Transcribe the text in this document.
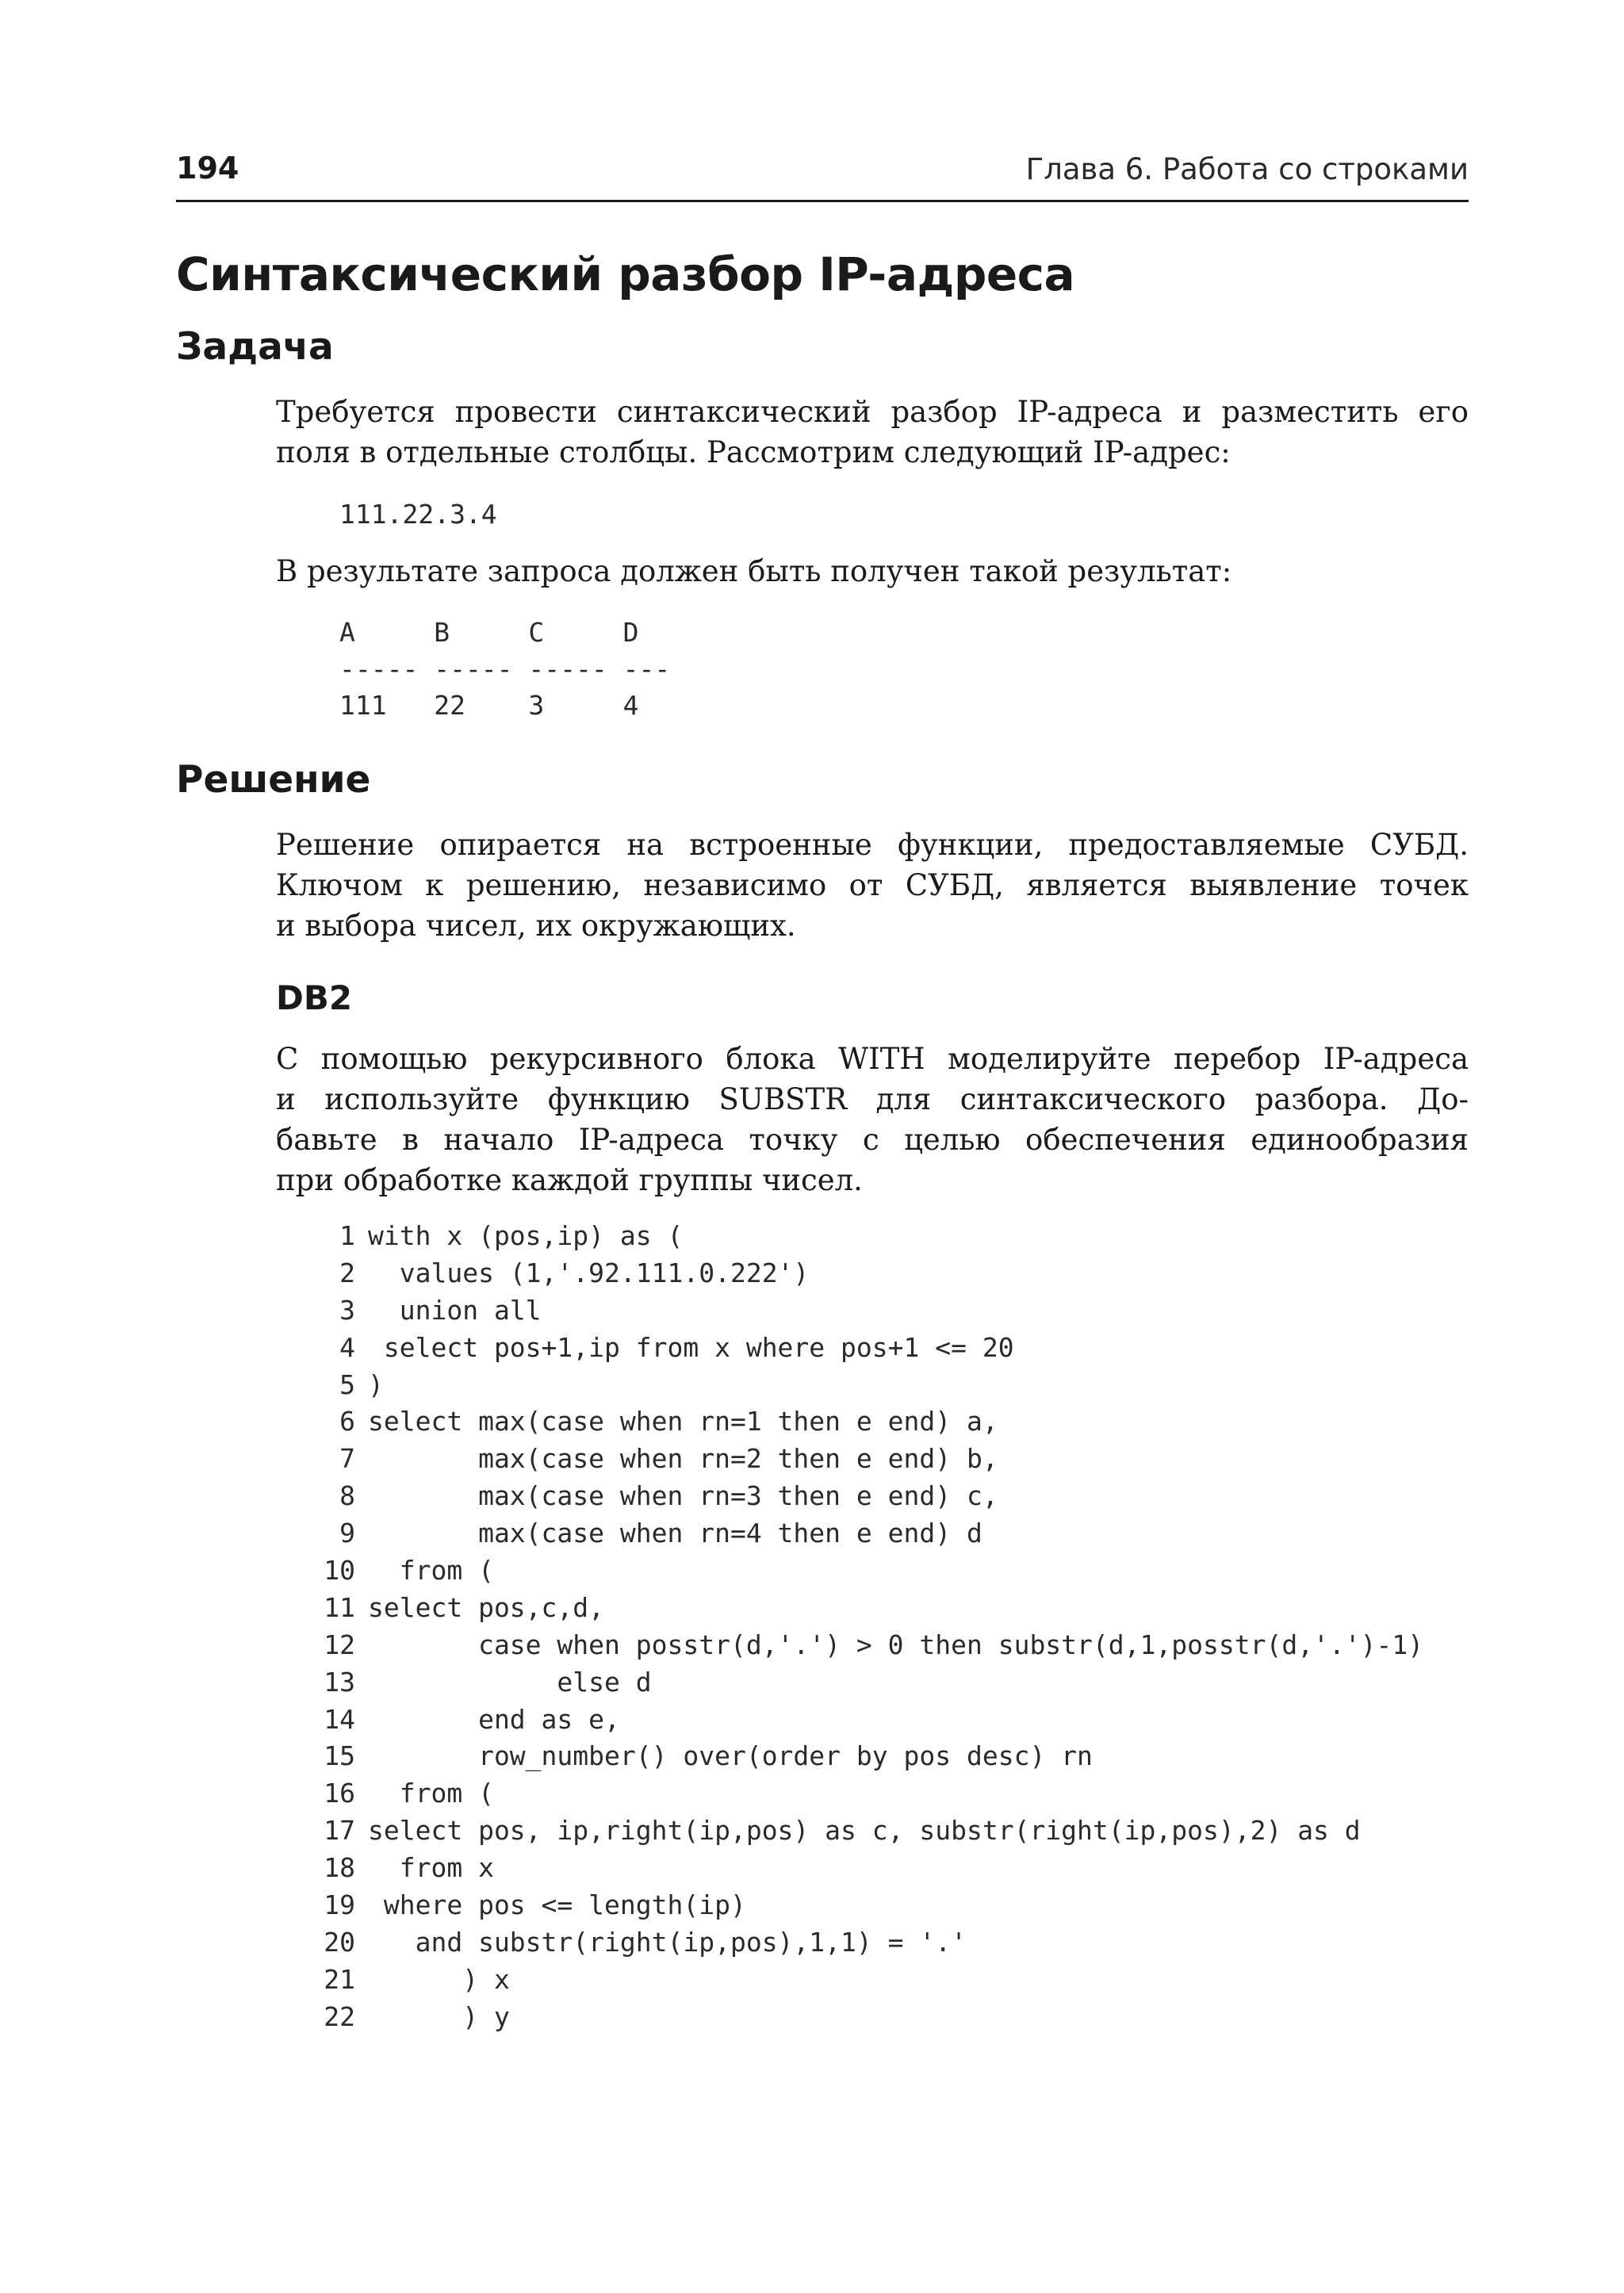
194	Глава 6. Работа со строками
Синтаксический разбор IP-адреса
Задача
Требуется провести синтаксический разбор IP-адреса и разместить его
поля в отдельные столбцы. Рассмотрим следующий IP-адрес:
111.22.3.4
В результате запроса должен быть получен такой результат:
A     B     C     D
----- ----- ----- ---
111   22    3     4
Решение
Решение опирается на встроенные функции, предоставляемые СУБД.
Ключом к решению, независимо от СУБД, является выявление точек
и выбора чисел, их окружающих.
DB2
С помощью рекурсивного блока WITH моделируйте перебор IP-адреса
и используйте функцию SUBSTR для синтаксического разбора. До-
бавьте в начало IP-адреса точку с целью обеспечения единообразия
при обработке каждой группы чисел.
1 with x (pos,ip) as (
2  values (1,'.92.111.0.222')
3  union all
4 select pos+1,ip from x where pos+1 <= 20
5 )
6 select max(case when rn=1 then e end) a,
7       max(case when rn=2 then e end) b,
8       max(case when rn=3 then e end) c,
9       max(case when rn=4 then e end) d
10  from (
11 select pos,c,d,
12       case when posstr(d,'.') > 0 then substr(d,1,posstr(d,'.')-1)
13            else d
14       end as e,
15       row_number() over(order by pos desc) rn
16  from (
17 select pos, ip,right(ip,pos) as c, substr(right(ip,pos),2) as d
18  from x
19 where pos <= length(ip)
20   and substr(right(ip,pos),1,1) = '.'
21      ) x
22      ) y
